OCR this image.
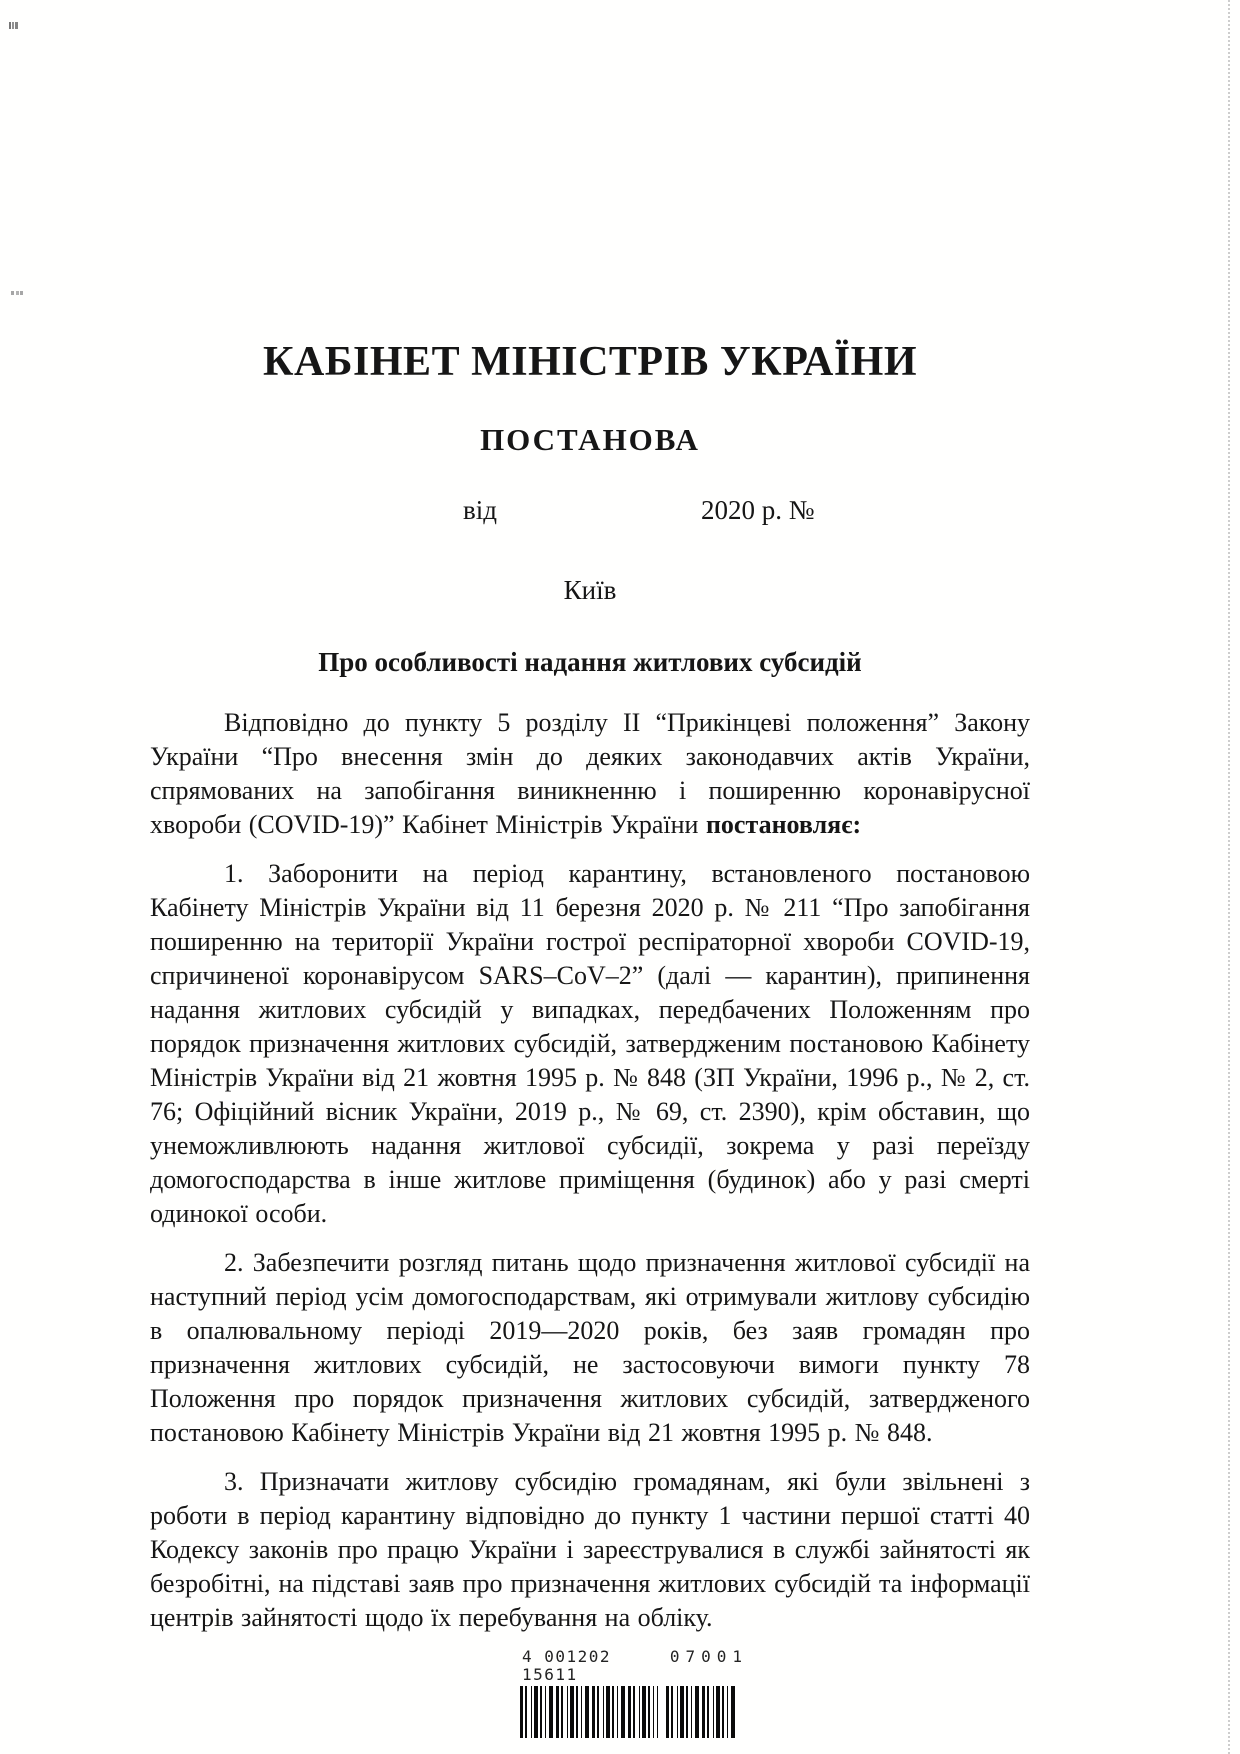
КАБІНЕТ МІНІСТРІВ УКРАЇНИ
ПОСТАНОВА
від	2020 р. №
Київ
Про особливості надання житлових субсидій

Відповідно до пункту 5 розділу II “Прикінцеві положення” Закону України “Про внесення змін до деяких законодавчих актів України, спрямованих на запобігання виникненню і поширенню коронавірусної хвороби (COVID-19)” Кабінет Міністрів України постановляє:

1. Заборонити на період карантину, встановленого постановою Кабінету Міністрів України від 11 березня 2020 р. № 211 “Про запобігання поширенню на території України гострої респіраторної хвороби COVID-19, спричиненої коронавірусом SARS–CoV–2” (далі — карантин), припинення надання житлових субсидій у випадках, передбачених Положенням про порядок призначення житлових субсидій, затвердженим постановою Кабінету Міністрів України від 21 жовтня 1995 р. № 848 (ЗП України, 1996 р., № 2, ст. 76; Офіційний вісник України, 2019 р., № 69, ст. 2390), крім обставин, що унеможливлюють надання житлової субсидії, зокрема у разі переїзду домогосподарства в інше житлове приміщення (будинок) або у разі смерті одинокої особи.

2. Забезпечити розгляд питань щодо призначення житлової субсидії на наступний період усім домогосподарствам, які отримували житлову субсидію в опалювальному періоді 2019—2020 років, без заяв громадян про призначення житлових субсидій, не застосовуючи вимоги пункту 78 Положення про порядок призначення житлових субсидій, затвердженого постановою Кабінету Міністрів України від 21 жовтня 1995 р. № 848.

3. Призначати житлову субсидію громадянам, які були звільнені з роботи в період карантину відповідно до пункту 1 частини першої статті 40 Кодексу законів про працю України і зареєструвалися в службі зайнятості як безробітні, на підставі заяв про призначення житлових субсидій та інформації центрів зайнятості щодо їх перебування на обліку.

4 001202 15611
07001
